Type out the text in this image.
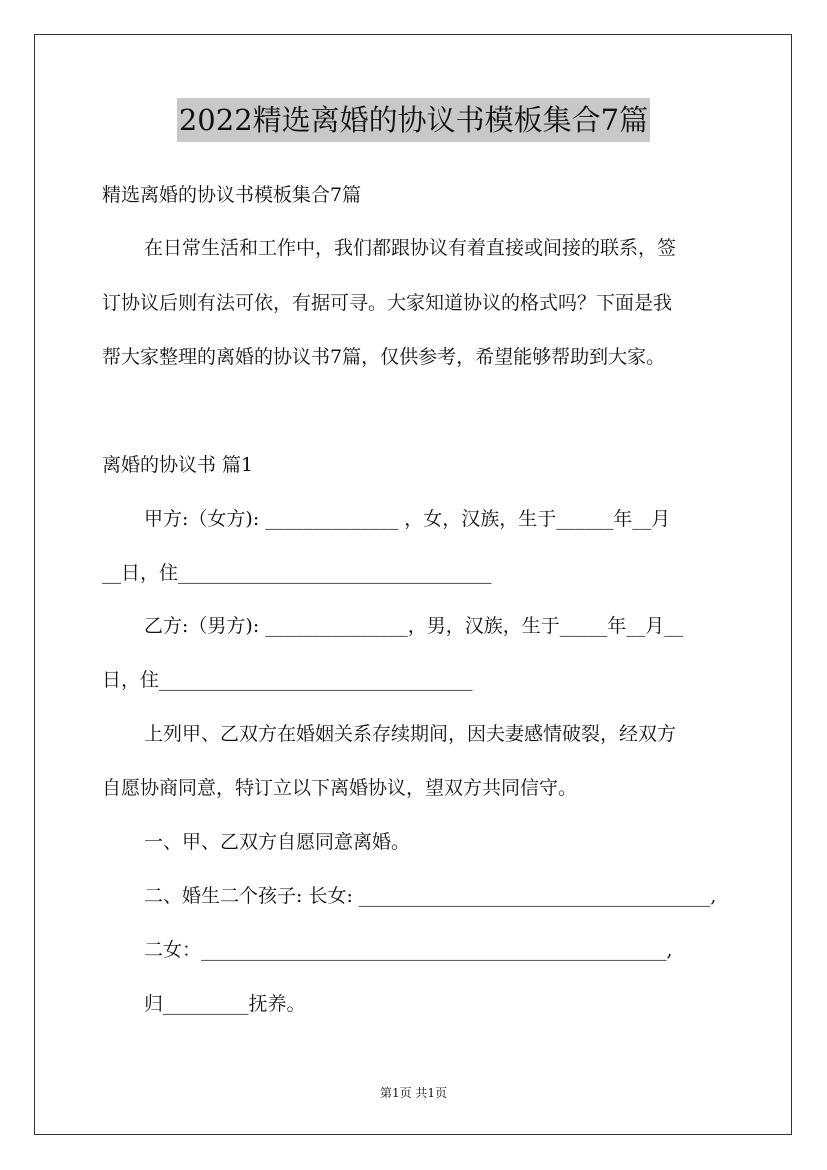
2022精选离婚的协议书模板集合7篇
精选离婚的协议书模板集合7篇
在日常生活和工作中，我们都跟协议有着直接或间接的联系，签
订协议后则有法可依，有据可寻。大家知道协议的格式吗？下面是我
帮大家整理的离婚的协议书7篇，仅供参考，希望能够帮助到大家。
离婚的协议书 篇1
甲方:（女方): ______________ ，女，汉族，生于______年__月
__日，住_________________________________
乙方:（男方): _______________，男，汉族，生于_____年__月__
日，住_________________________________
上列甲、乙双方在婚姻关系存续期间，因夫妻感情破裂，经双方
自愿协商同意，特订立以下离婚协议，望双方共同信守。
一、甲、乙双方自愿同意离婚。
二、婚生二个孩子: 长女: _____________________________________,
二女：_________________________________________________,
归_________抚养。
第1页 共1页
